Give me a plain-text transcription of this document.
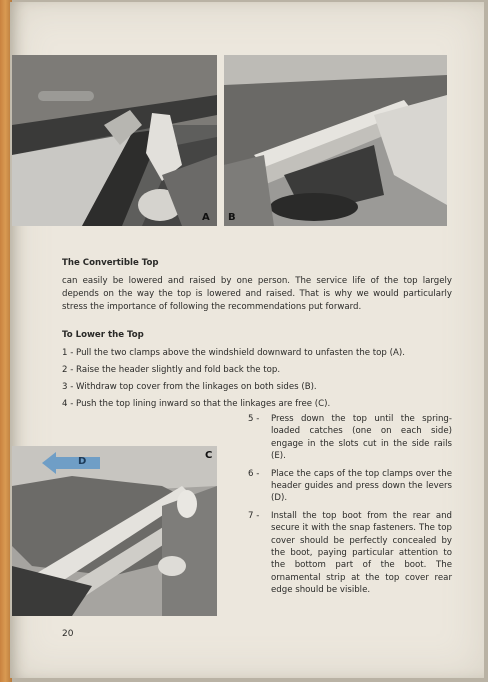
A B
The Convertible Top
can easily be lowered and raised by one person. The service life of the top largely depends on the way the top is lowered and raised. That is why we would particularly stress the importance of following the recommendations put forward.
To Lower the Top
1 - Pull the two clamps above the windshield downward to unfasten the top (A).
2 - Raise the header slightly and fold back the top.
3 - Withdraw top cover from the linkages on both sides (B).
4 - Push the top lining inward so that the linkages are free (C).
D
C
5 -	Press down the top until the spring-loaded catches (one on each side) engage in the slots cut in the side rails (E).
6 -	Place the caps of the top clamps over the header guides and press down the levers (D).
7 -	Install the top boot from the rear and secure it with the snap fasteners. The top cover should be perfectly concealed by the boot, paying particular attention to the bottom part of the boot. The ornamental strip at the top cover rear edge should be visible.
20
